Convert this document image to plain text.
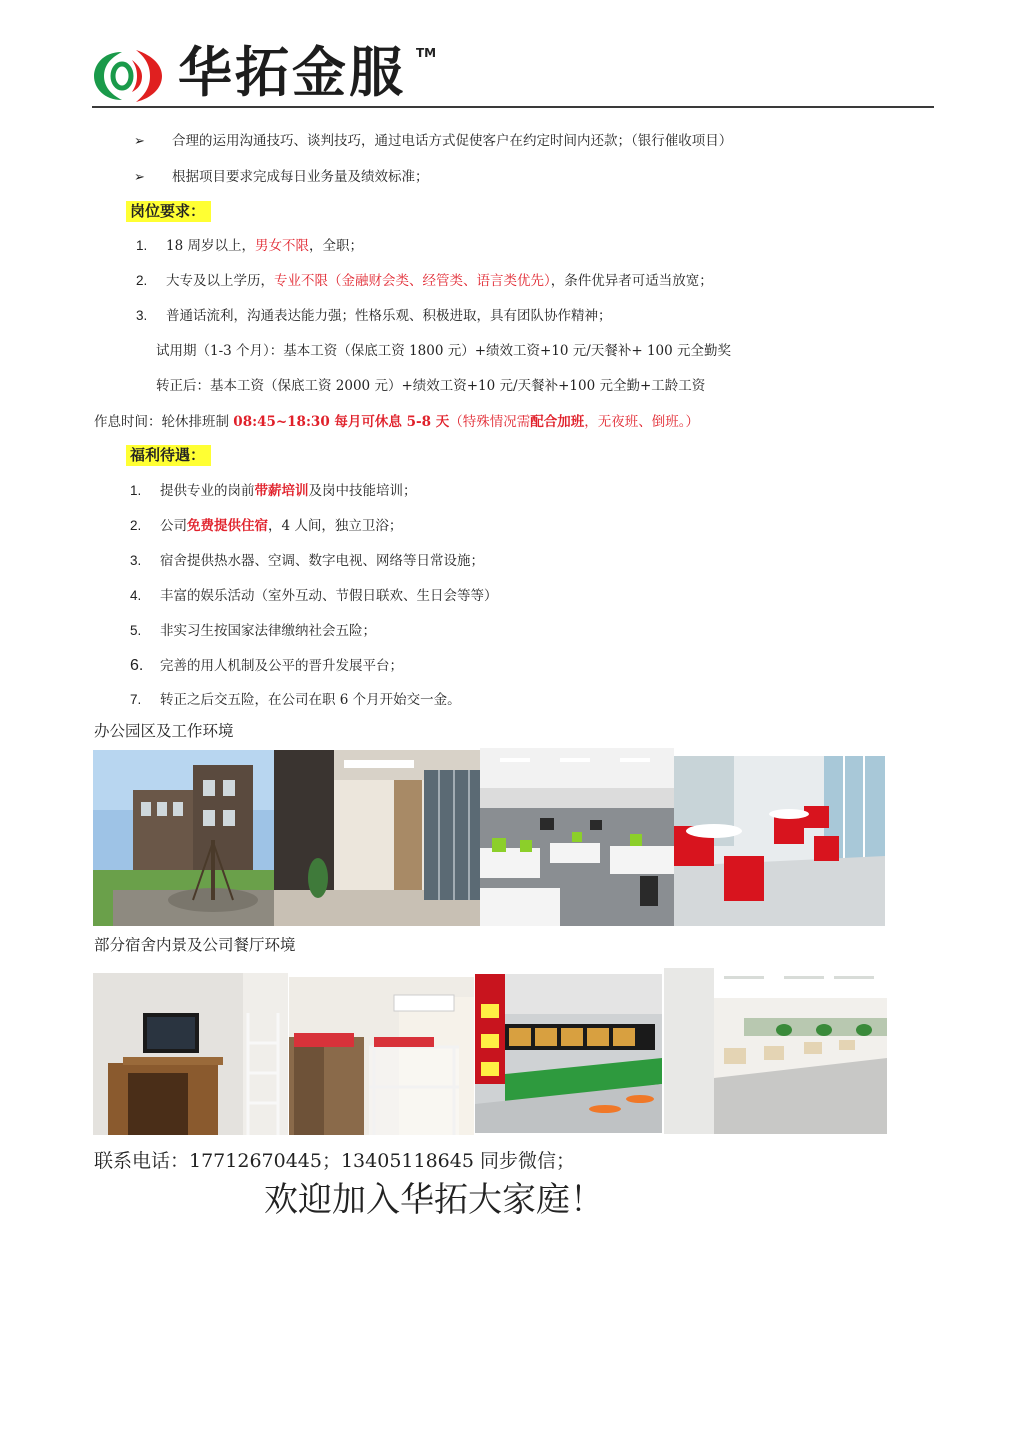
华拓金服 TM
➢ 合理的运用沟通技巧、谈判技巧，通过电话方式促使客户在约定时间内还款；（银行催收项目）
➢ 根据项目要求完成每日业务量及绩效标准；
岗位要求：
1. 18 周岁以上，男女不限，全职；
2. 大专及以上学历，专业不限（金融财会类、经管类、语言类优先），条件优异者可适当放宽；
3. 普通话流利，沟通表达能力强；性格乐观、积极进取，具有团队协作精神；
试用期（1-3 个月）：基本工资（保底工资 1800 元）+绩效工资+10 元/天餐补+ 100 元全勤奖
转正后：基本工资（保底工资 2000 元）+绩效工资+10 元/天餐补+100 元全勤+工龄工资
作息时间：轮休排班制 08:45~18:30 每月可休息 5-8 天（特殊情况需配合加班，无夜班、倒班。）
福利待遇：
1. 提供专业的岗前带薪培训及岗中技能培训；
2. 公司免费提供住宿，4 人间，独立卫浴；
3. 宿舍提供热水器、空调、数字电视、网络等日常设施；
4. 丰富的娱乐活动（室外互动、节假日联欢、生日会等等）
5. 非实习生按国家法律缴纳社会五险；
6. 完善的用人机制及公平的晋升发展平台；
7. 转正之后交五险，在公司在职 6 个月开始交一金。
办公园区及工作环境
部分宿舍内景及公司餐厅环境
联系电话：17712670445；13405118645 同步微信；
欢迎加入华拓大家庭！
